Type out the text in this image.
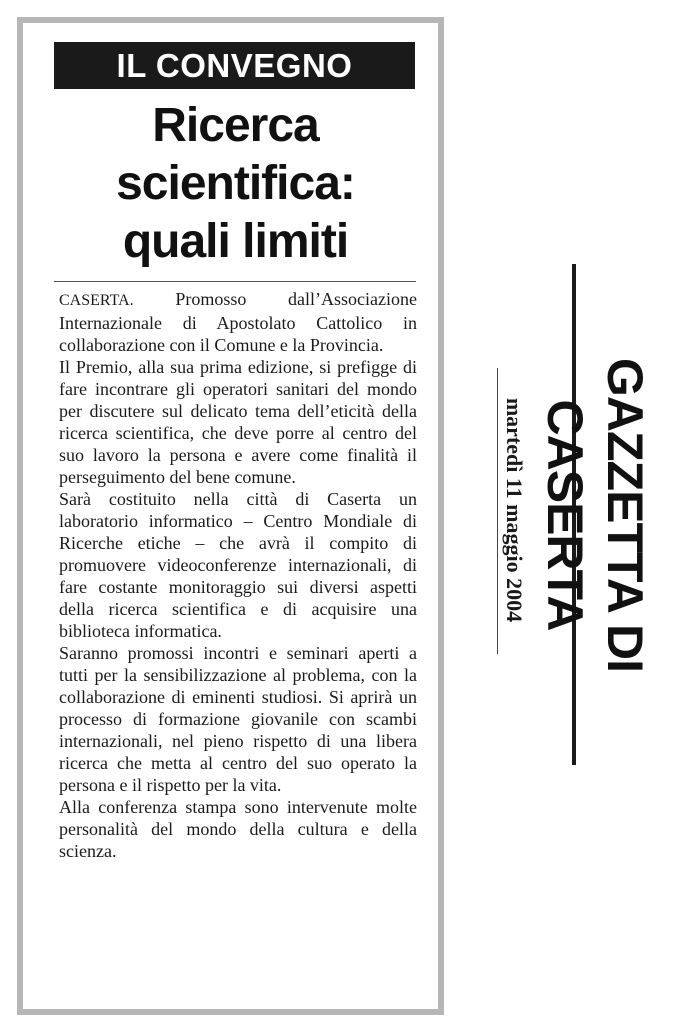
IL CONVEGNO
Ricerca
scientifica:
quali limiti

CASERTA. Promosso dall’Associazione Internazionale di Apostolato Cattolico in collaborazione con il Comune e la Provincia.

Il Premio, alla sua prima edizione, si prefigge di fare incontrare gli operatori sanitari del mondo per discutere sul delicato tema dell’eticità della ricerca scientifica, che deve porre al centro del suo lavoro la persona e avere come finalità il perseguimento del bene comune.

Sarà costituito nella città di Caserta un laboratorio informatico – Centro Mondiale di Ricerche etiche – che avrà il compito di promuovere videoconferenze internazionali, di fare costante monitoraggio sui diversi aspetti della ricerca scientifica e di acquisire una biblioteca informatica.

Saranno promossi incontri e seminari aperti a tutti per la sensibilizzazione al problema, con la collaborazione di eminenti studiosi. Si aprirà un processo di formazione giovanile con scambi internazionali, nel pieno rispetto di una libera ricerca che metta al centro del suo operato la persona e il rispetto per la vita.

Alla conferenza stampa sono intervenute molte personalità del mondo della cultura e della scienza.

martedì 11 maggio 2004 GAZZETTA DI CASERTA
